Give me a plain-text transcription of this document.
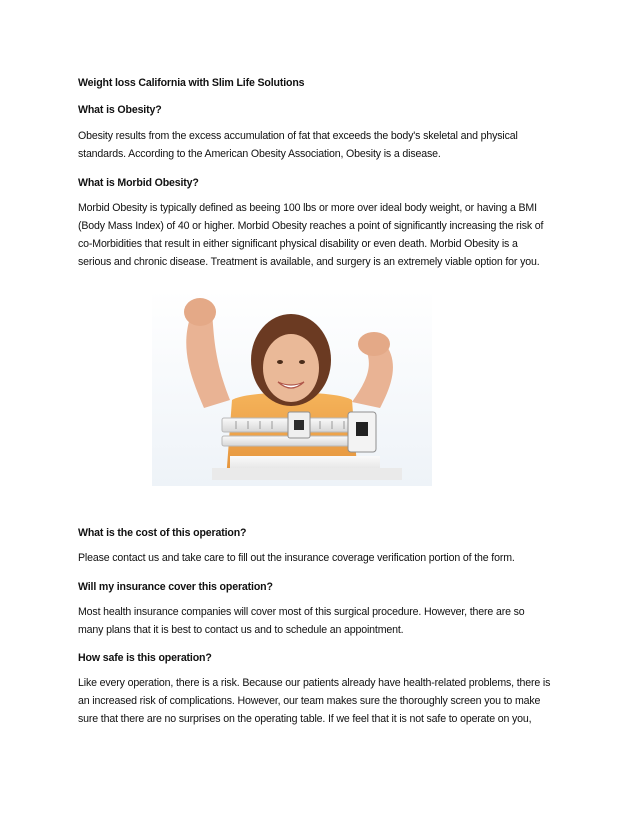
Weight loss California with Slim Life Solutions
What is Obesity?
Obesity results from the excess accumulation of fat that exceeds the body's skeletal and physical
standards. According to the American Obesity Association, Obesity is a disease.
What is Morbid Obesity?
Morbid Obesity is typically defined as beeing 100 lbs or more over ideal body weight, or having a BMI
(Body Mass Index) of 40 or higher. Morbid Obesity reaches a point of significantly increasing the risk of
co-Morbidities that result in either significant physical disability or even death. Morbid Obesity is a
serious and chronic disease. Treatment is available, and surgery is an extremely viable option for you.
What is the cost of this operation?
Please contact us and take care to fill out the insurance coverage verification portion of the form.
Will my insurance cover this operation?
Most health insurance companies will cover most of this surgical procedure. However, there are so
many plans that it is best to contact us and to schedule an appointment.
How safe is this operation?
Like every operation, there is a risk. Because our patients already have health-related problems, there is
an increased risk of complications. However, our team makes sure the thoroughly screen you to make
sure that there are no surprises on the operating table. If we feel that it is not safe to operate on you,
